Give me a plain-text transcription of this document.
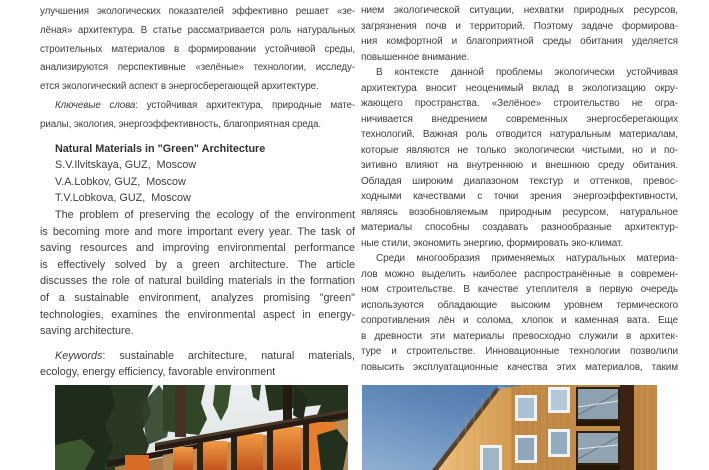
улучшения экологических показателей эффективно решает «зе-
лёная» архитектура. В статье рассматривается роль натуральных
строительных материалов в формировании устойчивой среды,
анализируются перспективные «зелёные» технологии, исследу-
ется экологический аспект в энергосберегающей архитектуре.
Ключевые слова: устойчивая архитектура, природные мате-
риалы, экология, энергоэффективность, благоприятная среда.
Natural Materials in "Green" Architecture
S.V.Ilvitskaya, GUZ,  Moscow
V.A.Lobkov, GUZ,  Moscow
T.V.Lobkova, GUZ,  Moscow
The problem of preserving the ecology of the environment
is becoming more and more important every year. The task of
saving resources and improving environmental performance
is effectively solved by a green architecture. The article
discusses the role of natural building materials in the formation
of a sustainable environment, analyzes promising "green"
technologies, examines the environmental aspect in energy-
saving architecture.
Keywords: sustainable architecture, natural materials,
ecology, energy efficiency, favorable environment
нием экологической ситуации, нехватки природных ресурсов,
загрязнения почв и территорий. Поэтому задаче формирова-
ния комфортной и благоприятной среды обитания уделяется
повышенное внимание.
В контексте данной проблемы экологически устойчивая
архитектура вносит неоценимый вклад в экологизацию окру-
жающего пространства. «Зелёное» строительство не огра-
ничивается внедрением современных энергосберегающих
технологий. Важная роль отводится натуральным материалам,
которые являются не только экологически чистыми, но и по-
зитивно влияют на внутреннюю и внешнюю среду обитания.
Обладая широким диапазоном текстур и оттенков, превос-
ходными качествами с точки зрения энергоэффективности,
являясь возобновляемым природным ресурсом, натуральное
материалы способны создавать разнообразные архитектур-
ные стили, экономить энергию, формировать эко-климат.
Среди многообразия применяемых натуральных материа-
лов можно выделить наиболее распространённые в современ-
ном строительстве. В качестве утеплителя в первую очередь
используются обладающие высоким уровнем термического
сопротивления лён и солома, хлопок и каменная вата. Еще
в древности эти материалы превосходно служили в архитек-
туре и строительстве. Инновационные технологии позволили
повысить эксплуатационные качества этих материалов, таким
